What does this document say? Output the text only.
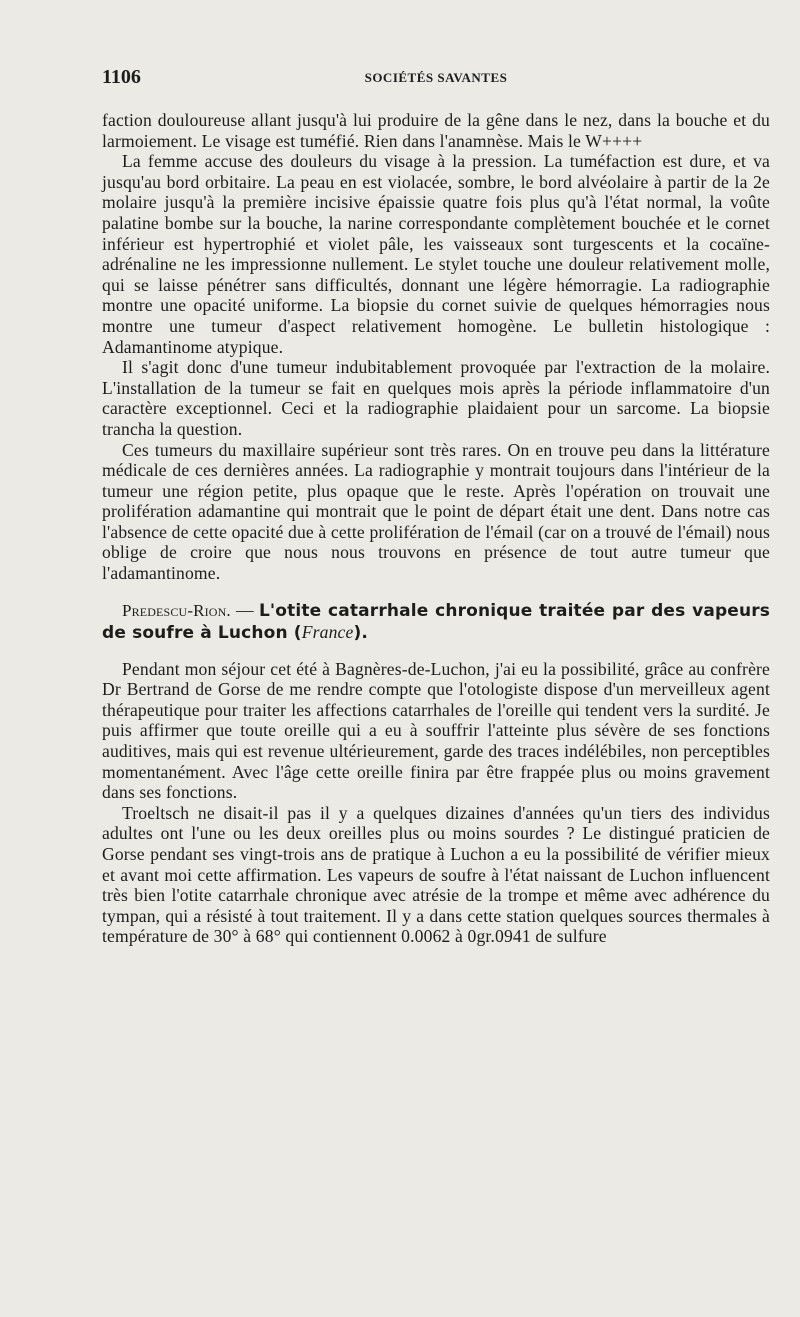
1106	SOCIÉTÉS SAVANTES

faction douloureuse allant jusqu'à lui produire de la gêne dans le nez, dans la bouche et du larmoiement. Le visage est tuméfié. Rien dans l'anamnèse. Mais le W++++

La femme accuse des douleurs du visage à la pression. La tuméfaction est dure, et va jusqu'au bord orbitaire. La peau en est violacée, sombre, le bord alvéolaire à partir de la 2e molaire jusqu'à la première incisive épaissie quatre fois plus qu'à l'état normal, la voûte palatine bombe sur la bouche, la narine correspondante complètement bouchée et le cornet inférieur est hypertrophié et violet pâle, les vaisseaux sont turgescents et la cocaïne-adrénaline ne les impressionne nullement. Le stylet touche une douleur relativement molle, qui se laisse pénétrer sans difficultés, donnant une légère hémorragie. La radiographie montre une opacité uniforme. La biopsie du cornet suivie de quelques hémorragies nous montre une tumeur d'aspect relativement homogène. Le bulletin histologique : Adamantinome atypique.

Il s'agit donc d'une tumeur indubitablement provoquée par l'extraction de la molaire. L'installation de la tumeur se fait en quelques mois après la période inflammatoire d'un caractère exceptionnel. Ceci et la radiographie plaidaient pour un sarcome. La biopsie trancha la question.

Ces tumeurs du maxillaire supérieur sont très rares. On en trouve peu dans la littérature médicale de ces dernières années. La radiographie y montrait toujours dans l'intérieur de la tumeur une région petite, plus opaque que le reste. Après l'opération on trouvait une prolifération adamantine qui montrait que le point de départ était une dent. Dans notre cas l'absence de cette opacité due à cette prolifération de l'émail (car on a trouvé de l'émail) nous oblige de croire que nous nous trouvons en présence de tout autre tumeur que l'adamantinome.

Predescu-Rion. — L'otite catarrhale chronique traitée par des vapeurs de soufre à Luchon (France).

Pendant mon séjour cet été à Bagnères-de-Luchon, j'ai eu la possibilité, grâce au confrère Dr Bertrand de Gorse de me rendre compte que l'otologiste dispose d'un merveilleux agent thérapeutique pour traiter les affections catarrhales de l'oreille qui tendent vers la surdité. Je puis affirmer que toute oreille qui a eu à souffrir l'atteinte plus sévère de ses fonctions auditives, mais qui est revenue ultérieurement, garde des traces indélébiles, non perceptibles momentanément. Avec l'âge cette oreille finira par être frappée plus ou moins gravement dans ses fonctions.

Troeltsch ne disait-il pas il y a quelques dizaines d'années qu'un tiers des individus adultes ont l'une ou les deux oreilles plus ou moins sourdes ? Le distingué praticien de Gorse pendant ses vingt-trois ans de pratique à Luchon a eu la possibilité de vérifier mieux et avant moi cette affirmation. Les vapeurs de soufre à l'état naissant de Luchon influencent très bien l'otite catarrhale chronique avec atrésie de la trompe et même avec adhérence du tympan, qui a résisté à tout traitement. Il y a dans cette station quelques sources thermales à température de 30° à 68° qui contiennent 0.0062 à 0gr.0941 de sulfure
